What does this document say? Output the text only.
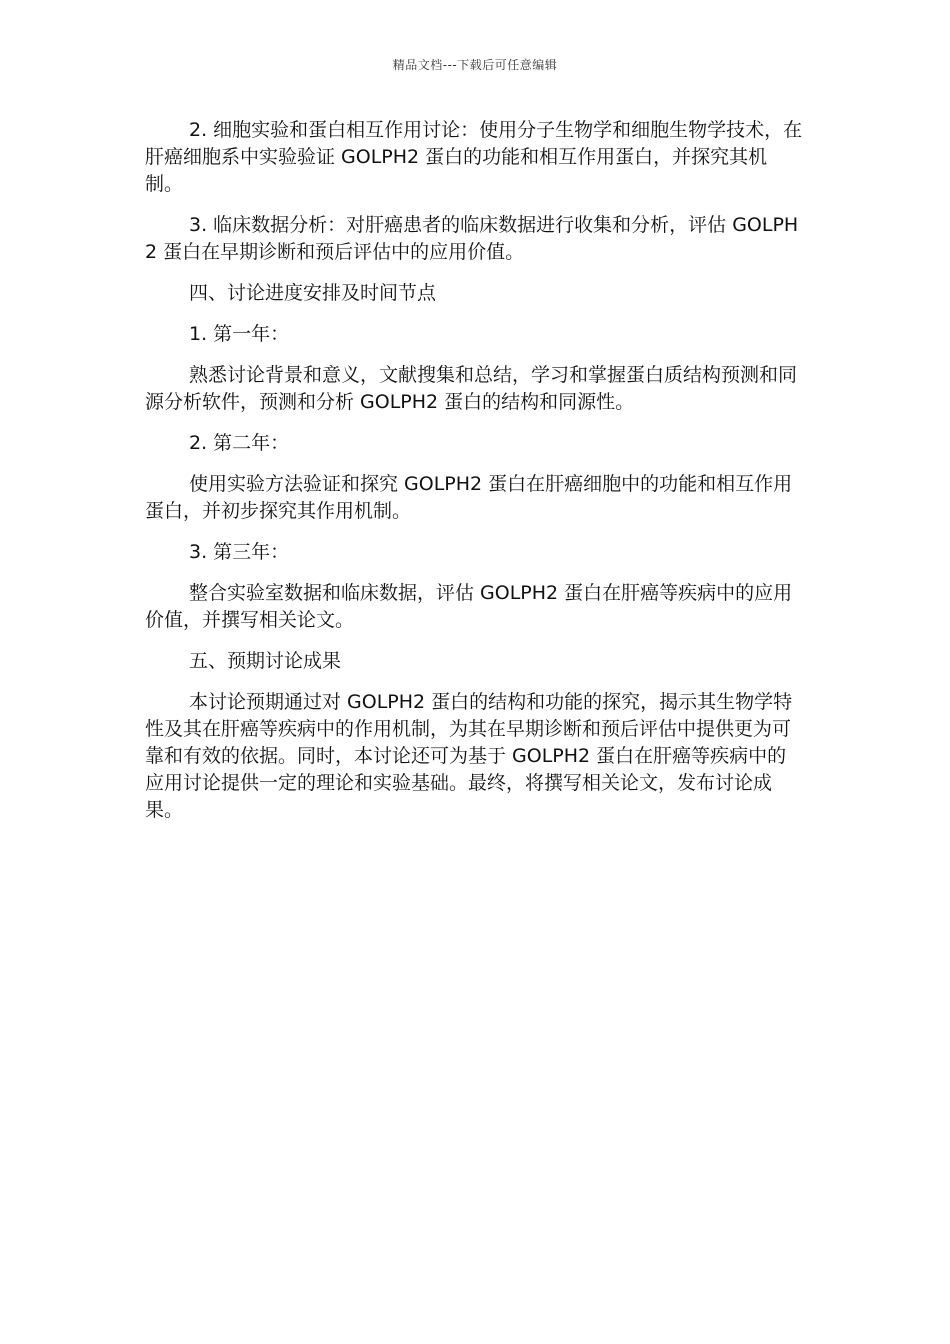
精品文档---下载后可任意编辑

2. 细胞实验和蛋白相互作用讨论：使用分子生物学和细胞生物学技术，在肝癌细胞系中实验验证 GOLPH2 蛋白的功能和相互作用蛋白，并探究其机制。

3. 临床数据分析：对肝癌患者的临床数据进行收集和分析，评估 GOLPH2 蛋白在早期诊断和预后评估中的应用价值。

四、讨论进度安排及时间节点

1. 第一年：

熟悉讨论背景和意义，文献搜集和总结，学习和掌握蛋白质结构预测和同源分析软件，预测和分析 GOLPH2 蛋白的结构和同源性。

2. 第二年：

使用实验方法验证和探究 GOLPH2 蛋白在肝癌细胞中的功能和相互作用蛋白，并初步探究其作用机制。

3. 第三年：

整合实验室数据和临床数据，评估 GOLPH2 蛋白在肝癌等疾病中的应用价值，并撰写相关论文。

五、预期讨论成果

本讨论预期通过对 GOLPH2 蛋白的结构和功能的探究，揭示其生物学特性及其在肝癌等疾病中的作用机制，为其在早期诊断和预后评估中提供更为可靠和有效的依据。同时，本讨论还可为基于 GOLPH2 蛋白在肝癌等疾病中的应用讨论提供一定的理论和实验基础。最终，将撰写相关论文，发布讨论成果。
